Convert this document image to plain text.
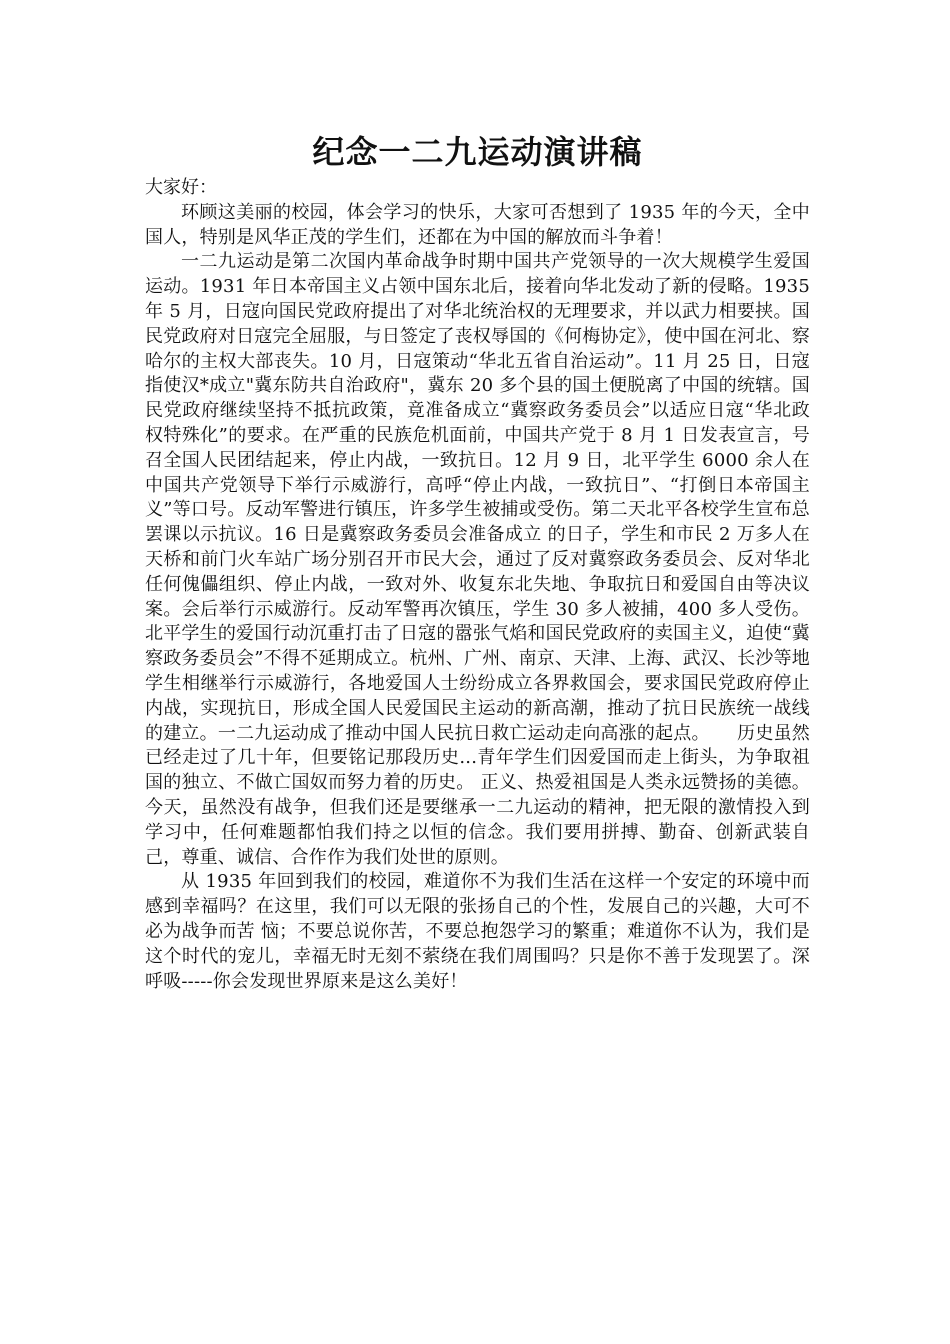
纪念一二九运动演讲稿

大家好：

环顾这美丽的校园，体会学习的快乐，大家可否想到了 1935 年的今天，全中国人，特别是风华正茂的学生们，还都在为中国的解放而斗争着！

一二九运动是第二次国内革命战争时期中国共产党领导的一次大规模学生爱国运动。1931 年日本帝国主义占领中国东北后，接着向华北发动了新的侵略。1935 年 5 月，日寇向国民党政府提出了对华北统治权的无理要求，并以武力相要挟。国民党政府对日寇完全屈服，与日签定了丧权辱国的《何梅协定》，使中国在河北、察哈尔的主权大部丧失。10 月，日寇策动“华北五省自治运动”。11 月 25 日，日寇指使汉*成立"冀东防共自治政府"，冀东 20 多个县的国土便脱离了中国的统辖。国民党政府继续坚持不抵抗政策，竟准备成立“冀察政务委员会”以适应日寇“华北政权特殊化”的要求。在严重的民族危机面前，中国共产党于 8 月 1 日发表宣言，号召全国人民团结起来，停止内战，一致抗日。12 月 9 日，北平学生 6000 余人在中国共产党领导下举行示威游行，高呼“停止内战，一致抗日”、“打倒日本帝国主义”等口号。反动军警进行镇压，许多学生被捕或受伤。第二天北平各校学生宣布总罢课以示抗议。16 日是冀察政务委员会准备成立 的日子，学生和市民 2 万多人在天桥和前门火车站广场分别召开市民大会，通过了反对冀察政务委员会、反对华北任何傀儡组织、停止内战，一致对外、收复东北失地、争取抗日和爱国自由等决议案。会后举行示威游行。反动军警再次镇压，学生 30 多人被捕，400 多人受伤。北平学生的爱国行动沉重打击了日寇的嚣张气焰和国民党政府的卖国主义，迫使“冀察政务委员会”不得不延期成立。杭州、广州、南京、天津、上海、武汉、长沙等地学生相继举行示威游行，各地爱国人士纷纷成立各界救国会，要求国民党政府停止内战，实现抗日，形成全国人民爱国民主运动的新高潮，推动了抗日民族统一战线的建立。一二九运动成了推动中国人民抗日救亡运动走向高涨的起点。　　历史虽然已经走过了几十年，但要铭记那段历史...青年学生们因爱国而走上街头，为争取祖国的独立、不做亡国奴而努力着的历史。 正义、热爱祖国是人类永远赞扬的美德。今天，虽然没有战争，但我们还是要继承一二九运动的精神，把无限的激情投入到学习中，任何难题都怕我们持之以恒的信念。我们要用拼搏、勤奋、创新武装自己，尊重、诚信、合作作为我们处世的原则。

从 1935 年回到我们的校园，难道你不为我们生活在这样一个安定的环境中而感到幸福吗？在这里，我们可以无限的张扬自己的个性，发展自己的兴趣，大可不必为战争而苦 恼；不要总说你苦，不要总抱怨学习的繁重；难道你不认为，我们是这个时代的宠儿，幸福无时无刻不萦绕在我们周围吗？只是你不善于发现罢了。深呼吸-----你会发现世界原来是这么美好！
